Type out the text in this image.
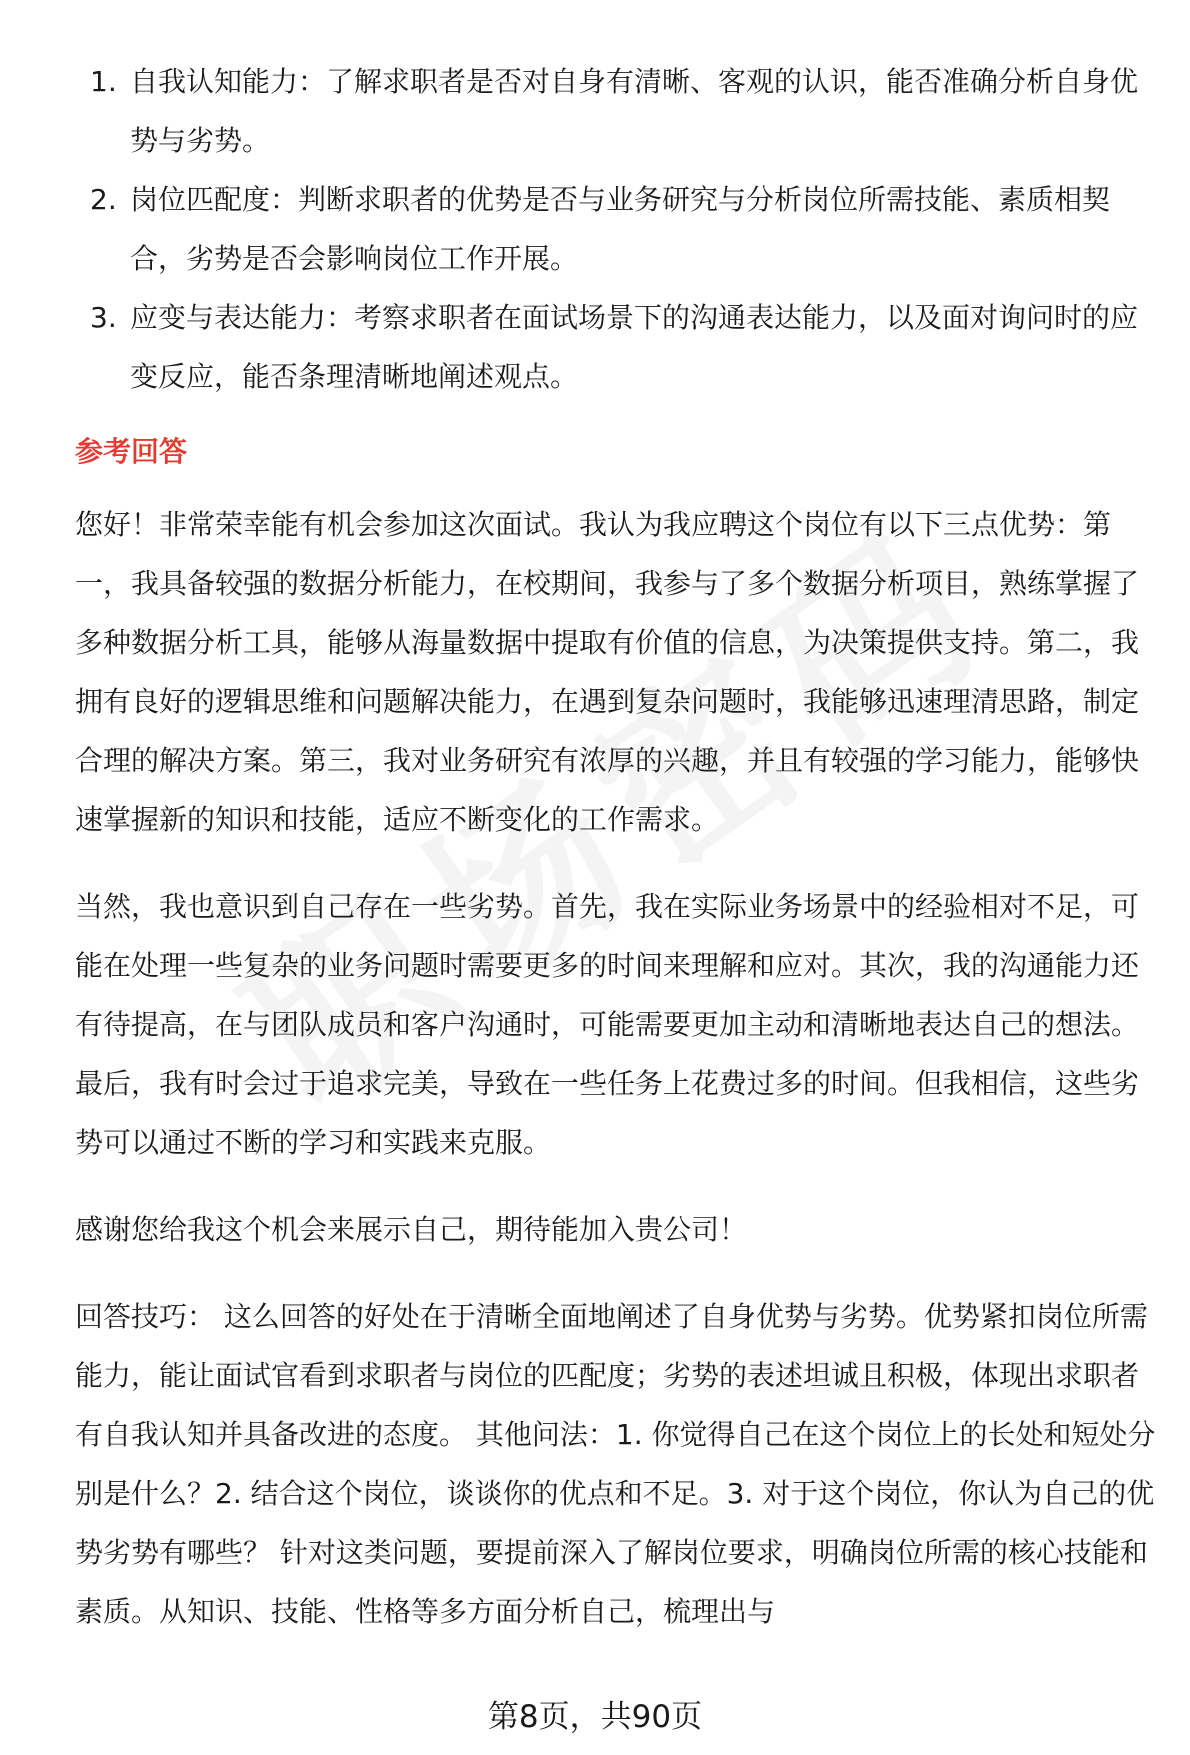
1. 自我认知能力：了解求职者是否对自身有清晰、客观的认识，能否准确分析自身优势与劣势。
2. 岗位匹配度：判断求职者的优势是否与业务研究与分析岗位所需技能、素质相契合，劣势是否会影响岗位工作开展。
3. 应变与表达能力：考察求职者在面试场景下的沟通表达能力，以及面对询问时的应变反应，能否条理清晰地阐述观点。
参考回答

您好！非常荣幸能有机会参加这次面试。我认为我应聘这个岗位有以下三点优势：第一，我具备较强的数据分析能力，在校期间，我参与了多个数据分析项目，熟练掌握了多种数据分析工具，能够从海量数据中提取有价值的信息，为决策提供支持。第二，我拥有良好的逻辑思维和问题解决能力，在遇到复杂问题时，我能够迅速理清思路，制定合理的解决方案。第三，我对业务研究有浓厚的兴趣，并且有较强的学习能力，能够快速掌握新的知识和技能，适应不断变化的工作需求。

当然，我也意识到自己存在一些劣势。首先，我在实际业务场景中的经验相对不足，可能在处理一些复杂的业务问题时需要更多的时间来理解和应对。其次，我的沟通能力还有待提高，在与团队成员和客户沟通时，可能需要更加主动和清晰地表达自己的想法。最后，我有时会过于追求完美，导致在一些任务上花费过多的时间。但我相信，这些劣势可以通过不断的学习和实践来克服。

感谢您给我这个机会来展示自己，期待能加入贵公司！

回答技巧： 这么回答的好处在于清晰全面地阐述了自身优势与劣势。优势紧扣岗位所需能力，能让面试官看到求职者与岗位的匹配度；劣势的表述坦诚且积极，体现出求职者有自我认知并具备改进的态度。 其他问法：1. 你觉得自己在这个岗位上的长处和短处分别是什么？2. 结合这个岗位，谈谈你的优点和不足。3. 对于这个岗位，你认为自己的优势劣势有哪些？ 针对这类问题，要提前深入了解岗位要求，明确岗位所需的核心技能和素质。从知识、技能、性格等多方面分析自己，梳理出与

第8页，共90页
